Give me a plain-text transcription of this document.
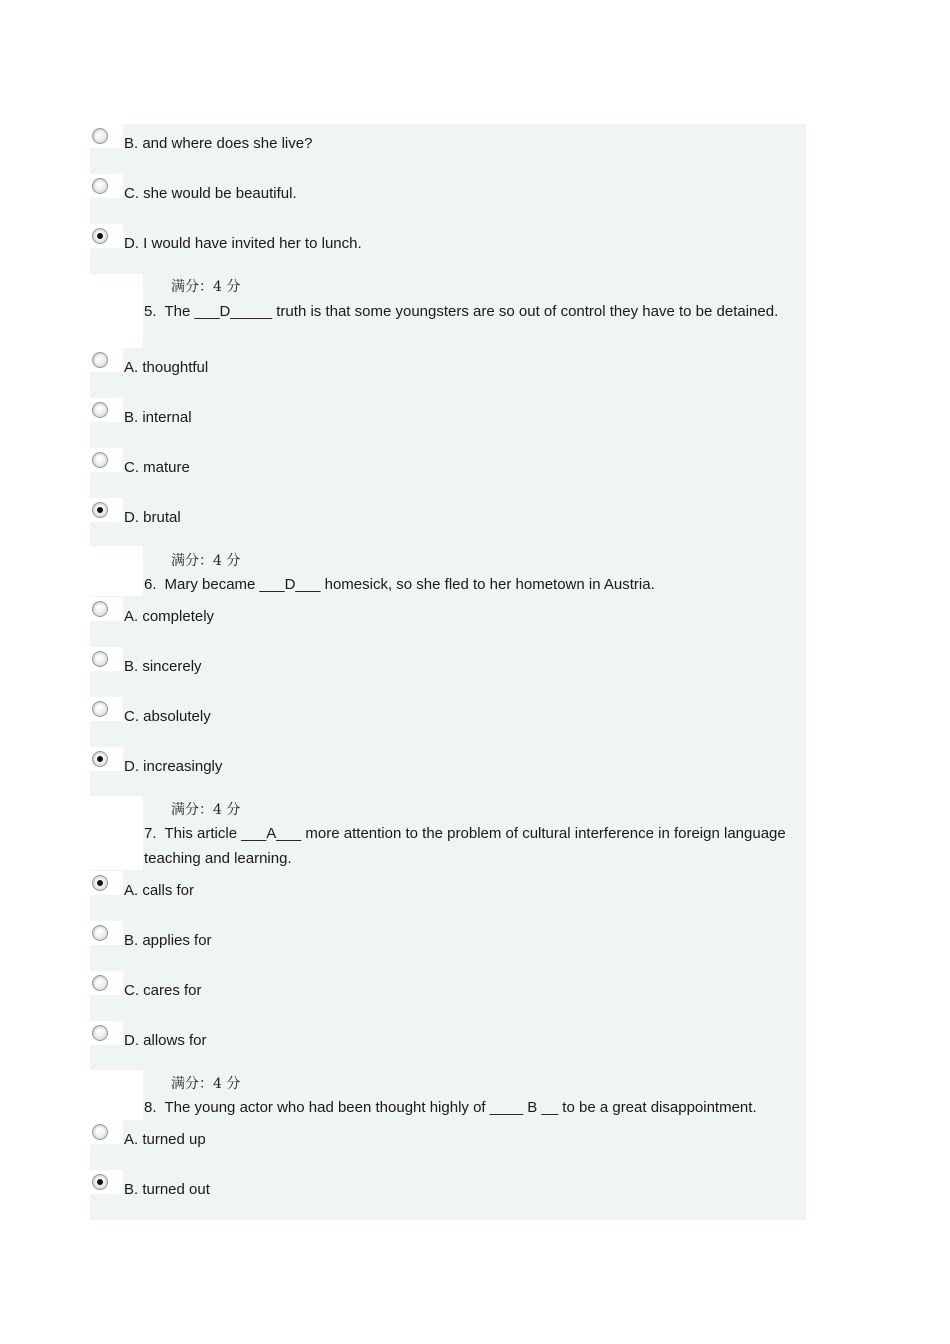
B. and where does she live?
C. she would be beautiful.
D. I would have invited her to lunch.
满分：4 分
5. The ___D_____ truth is that some youngsters are so out of control they have to be detained.
A. thoughtful
B. internal
C. mature
D. brutal
满分：4 分
6. Mary became ___D___ homesick, so she fled to her hometown in Austria.
A. completely
B. sincerely
C. absolutely
D. increasingly
满分：4 分
7. This article ___A___ more attention to the problem of cultural interference in foreign language teaching and learning.
A. calls for
B. applies for
C. cares for
D. allows for
满分：4 分
8. The young actor who had been thought highly of ____ B __ to be a great disappointment.
A. turned up
B. turned out
